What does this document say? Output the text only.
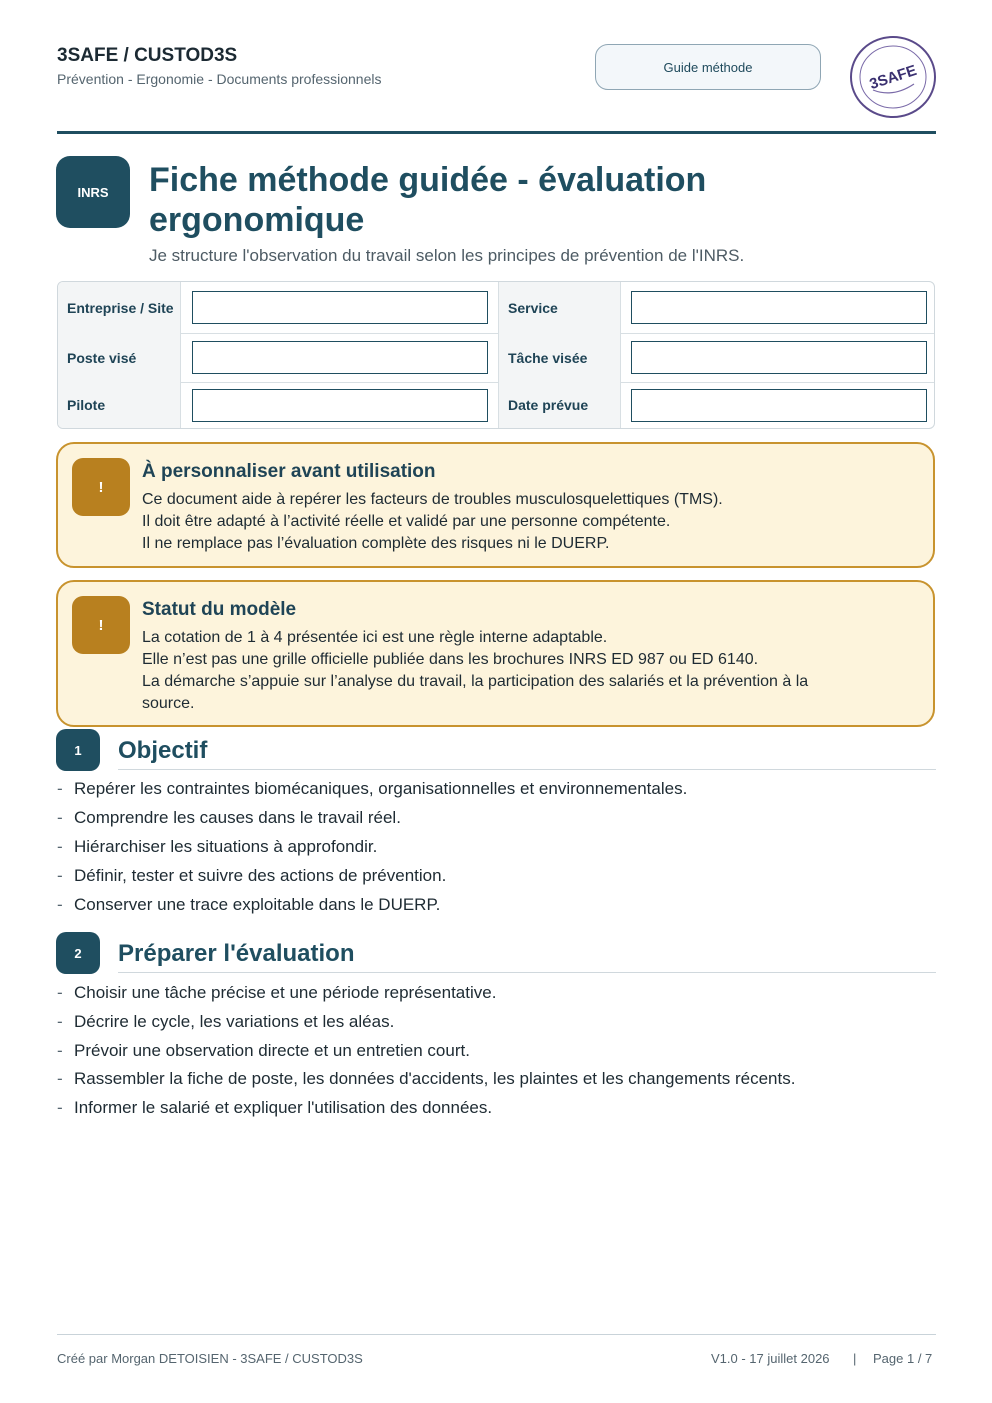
3SAFE / CUSTOD3S
Prévention - Ergonomie - Documents professionnels
Guide méthode	3SAFE
INRS	Fiche méthode guidée - évaluation ergonomique
Je structure l'observation du travail selon les principes de prévention de l'INRS.
Entreprise / Site	Service
Poste visé	Tâche visée
Pilote	Date prévue
!
À personnaliser avant utilisation
Ce document aide à repérer les facteurs de troubles musculosquelettiques (TMS).
Il doit être adapté à l’activité réelle et validé par une personne compétente.
Il ne remplace pas l’évaluation complète des risques ni le DUERP.
!
Statut du modèle
La cotation de 1 à 4 présentée ici est une règle interne adaptable.
Elle n’est pas une grille officielle publiée dans les brochures INRS ED 987 ou ED 6140.
La démarche s’appuie sur l’analyse du travail, la participation des salariés et la prévention à la
source.
1	Objectif
- Repérer les contraintes biomécaniques, organisationnelles et environnementales.
- Comprendre les causes dans le travail réel.
- Hiérarchiser les situations à approfondir.
- Définir, tester et suivre des actions de prévention.
- Conserver une trace exploitable dans le DUERP.
2	Préparer l'évaluation
- Choisir une tâche précise et une période représentative.
- Décrire le cycle, les variations et les aléas.
- Prévoir une observation directe et un entretien court.
- Rassembler la fiche de poste, les données d'accidents, les plaintes et les changements récents.
- Informer le salarié et expliquer l'utilisation des données.
Créé par Morgan DETOISIEN - 3SAFE / CUSTOD3S	V1.0 - 17 juillet 2026 | Page 1 / 7
